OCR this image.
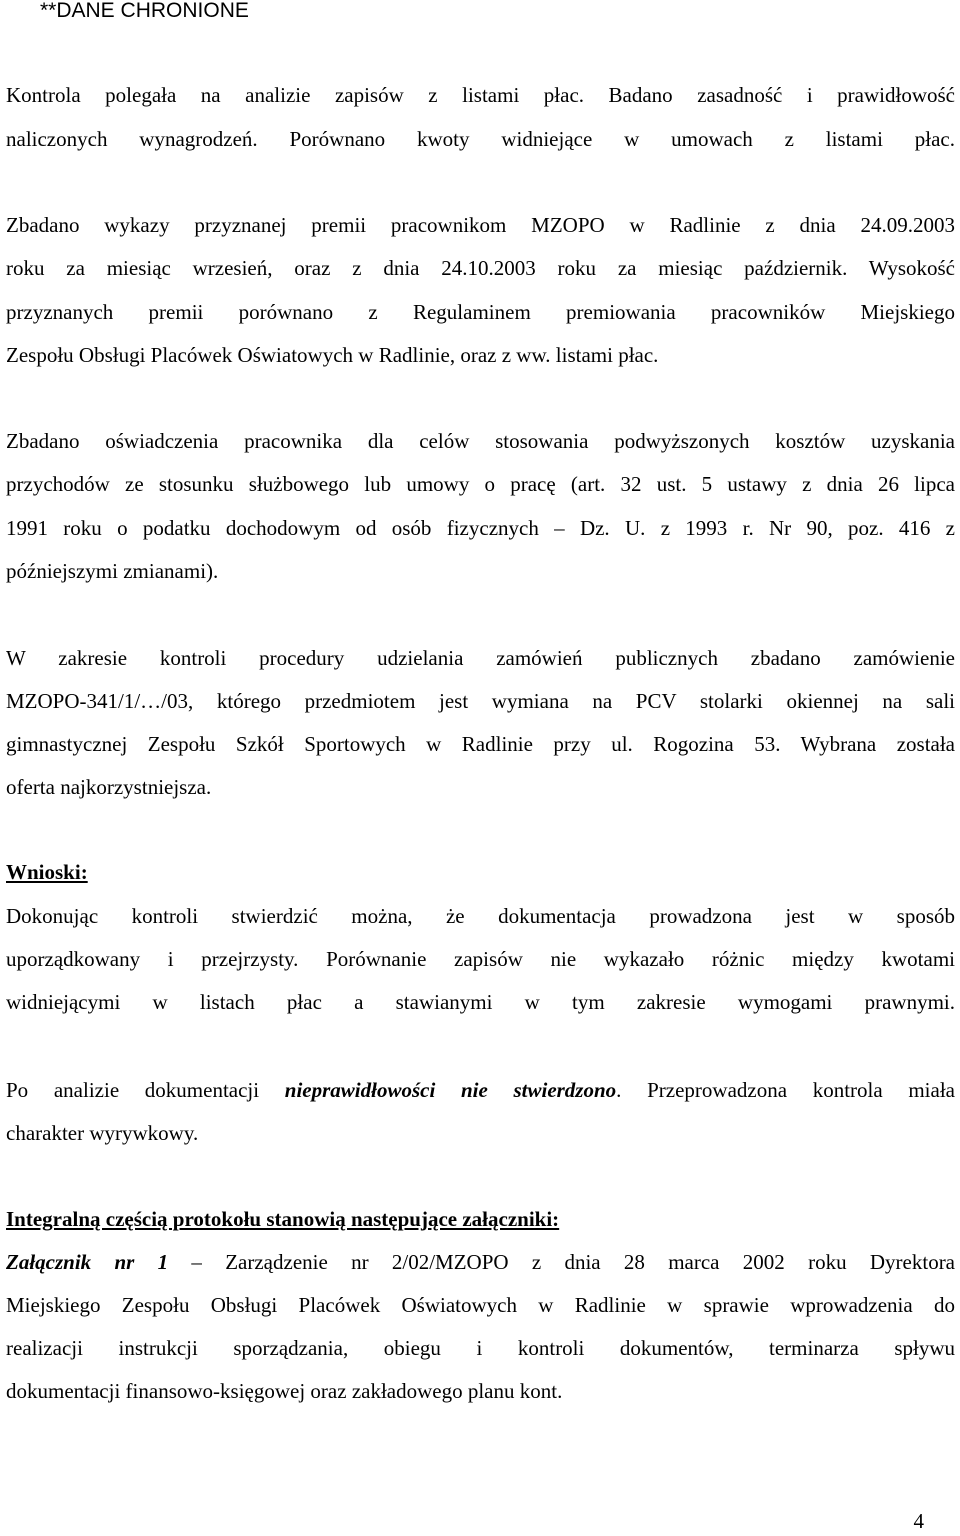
**DANE CHRONIONE
Kontrola polegała na analizie zapisów z listami płac. Badano zasadność i prawidłowość
naliczonych wynagrodzeń. Porównano kwoty widniejące w umowach z listami płac.
Zbadano wykazy przyznanej premii pracownikom MZOPO w Radlinie z dnia 24.09.2003
roku za miesiąc wrzesień, oraz z dnia 24.10.2003 roku za miesiąc październik. Wysokość
przyznanych premii porównano z Regulaminem premiowania pracowników Miejskiego
Zespołu Obsługi Placówek Oświatowych w Radlinie, oraz z ww. listami płac.
Zbadano oświadczenia pracownika dla celów stosowania podwyższonych kosztów uzyskania
przychodów ze stosunku służbowego lub umowy o pracę (art. 32 ust. 5 ustawy z dnia 26 lipca
1991 roku o podatku dochodowym od osób fizycznych – Dz. U. z 1993 r. Nr 90, poz. 416 z
późniejszymi zmianami).
W zakresie kontroli procedury udzielania zamówień publicznych zbadano zamówienie
MZOPO-341/1/…/03, którego przedmiotem jest wymiana na PCV stolarki okiennej na sali
gimnastycznej Zespołu Szkół Sportowych w Radlinie przy ul. Rogozina 53. Wybrana została
oferta najkorzystniejsza.
Wnioski:
Dokonując kontroli stwierdzić można, że dokumentacja prowadzona jest w sposób
uporządkowany i przejrzysty. Porównanie zapisów nie wykazało różnic między kwotami
widniejącymi w listach płac a stawianymi w tym zakresie wymogami prawnymi.
Po analizie dokumentacji nieprawidłowości nie stwierdzono. Przeprowadzona kontrola miała
charakter wyrywkowy.
Integralną częścią protokołu stanowią następujące załączniki:
Załącznik nr 1 – Zarządzenie nr 2/02/MZOPO z dnia 28 marca 2002 roku Dyrektora
Miejskiego Zespołu Obsługi Placówek Oświatowych w Radlinie w sprawie wprowadzenia do
realizacji instrukcji sporządzania, obiegu i kontroli dokumentów, terminarza spływu
dokumentacji finansowo-księgowej oraz zakładowego planu kont.
4
